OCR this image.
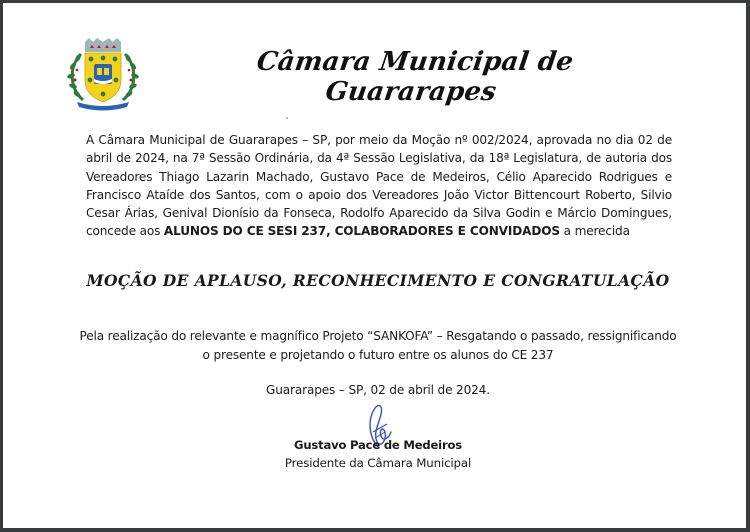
Câmara Municipal de Guararapes
A Câmara Municipal de Guararapes – SP, por meio da Moção nº 002/2024, aprovada no dia 02 de abril de 2024, na 7ª Sessão Ordinária, da 4ª Sessão Legislativa, da 18ª Legislatura, de autoria dos Vereadores Thiago Lazarin Machado, Gustavo Pace de Medeiros, Célio Aparecido Rodrigues e Francisco Ataíde dos Santos, com o apoio dos Vereadores João Victor Bittencourt Roberto, Silvio Cesar Árias, Genival Dionísio da Fonseca, Rodolfo Aparecido da Silva Godin e Márcio Domingues, concede aos ALUNOS DO CE SESI 237, COLABORADORES E CONVIDADOS a merecida
MOÇÃO DE APLAUSO, RECONHECIMENTO E CONGRATULAÇÃO
Pela realização do relevante e magnífico Projeto “SANKOFA” – Resgatando o passado, ressignificando
o presente e projetando o futuro entre os alunos do CE 237
Guararapes – SP, 02 de abril de 2024.
Gustavo Pace de Medeiros
Presidente da Câmara Municipal
